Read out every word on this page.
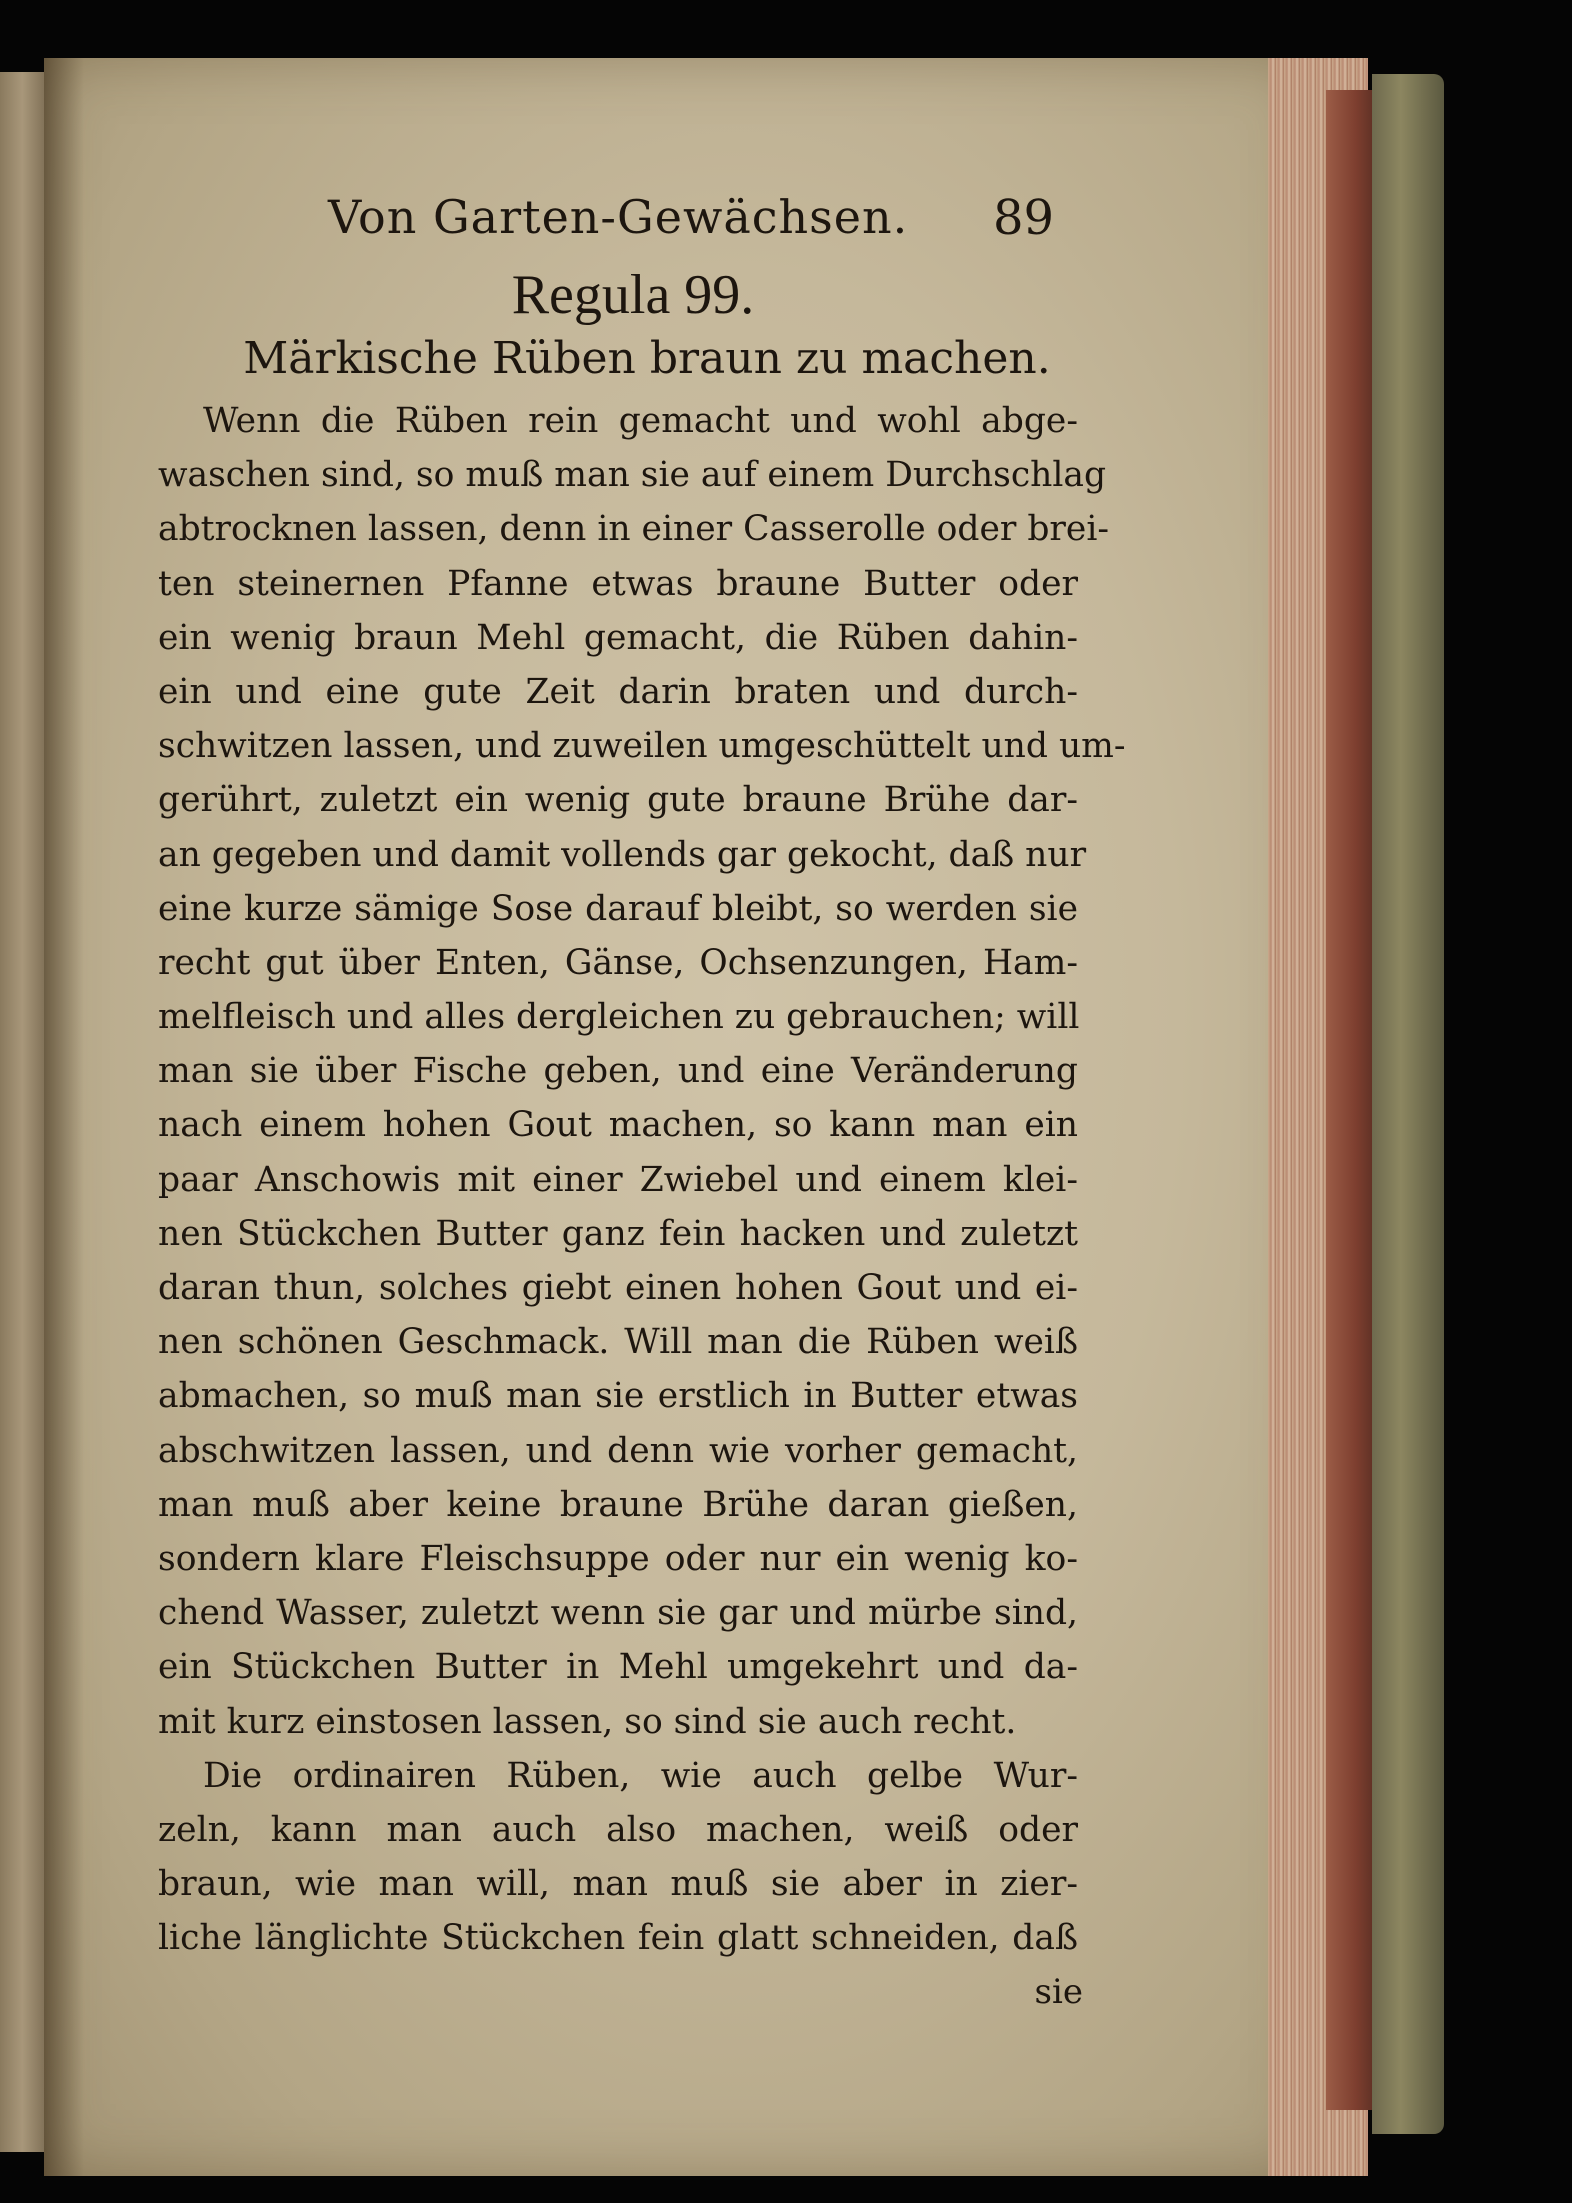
Von Garten-Gewächsen. 89
Regula 99.
Märkische Rüben braun zu machen.
Wenn die Rüben rein gemacht und wohl abge-
waschen sind, so muß man sie auf einem Durchschlag
abtrocknen lassen, denn in einer Casserolle oder brei-
ten steinernen Pfanne etwas braune Butter oder
ein wenig braun Mehl gemacht, die Rüben dahin-
ein und eine gute Zeit darin braten und durch-
schwitzen lassen, und zuweilen umgeschüttelt und um-
gerührt, zuletzt ein wenig gute braune Brühe dar-
an gegeben und damit vollends gar gekocht, daß nur
eine kurze sämige Sose darauf bleibt, so werden sie
recht gut über Enten, Gänse, Ochsenzungen, Ham-
melfleisch und alles dergleichen zu gebrauchen; will
man sie über Fische geben, und eine Veränderung
nach einem hohen Gout machen, so kann man ein
paar Anschowis mit einer Zwiebel und einem klei-
nen Stückchen Butter ganz fein hacken und zuletzt
daran thun, solches giebt einen hohen Gout und ei-
nen schönen Geschmack. Will man die Rüben weiß
abmachen, so muß man sie erstlich in Butter etwas
abschwitzen lassen, und denn wie vorher gemacht,
man muß aber keine braune Brühe daran gießen,
sondern klare Fleischsuppe oder nur ein wenig ko-
chend Wasser, zuletzt wenn sie gar und mürbe sind,
ein Stückchen Butter in Mehl umgekehrt und da-
mit kurz einstosen lassen, so sind sie auch recht.
Die ordinairen Rüben, wie auch gelbe Wur-
zeln, kann man auch also machen, weiß oder
braun, wie man will, man muß sie aber in zier-
liche länglichte Stückchen fein glatt schneiden, daß
sie
